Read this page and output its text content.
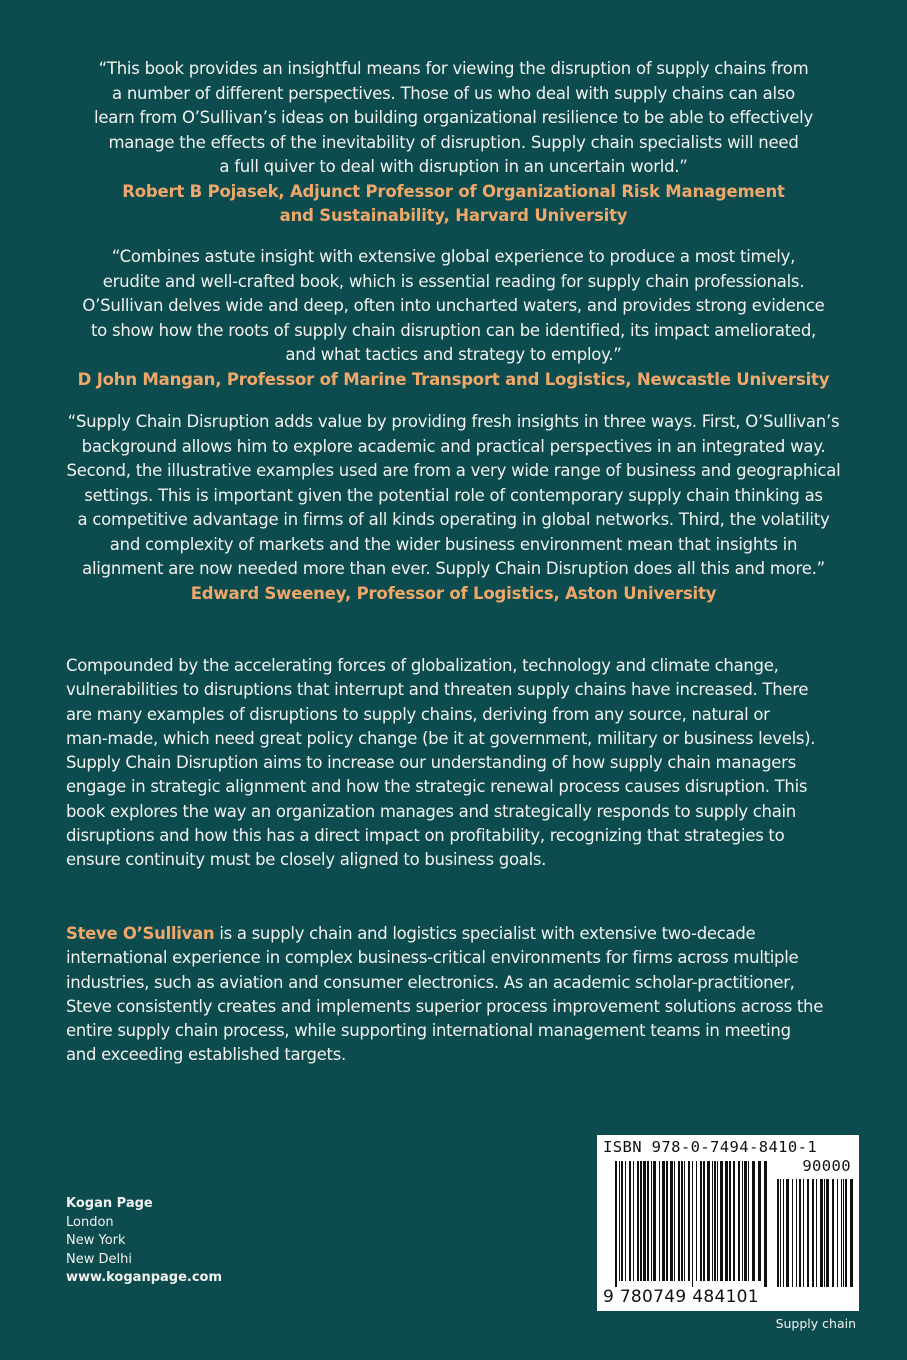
“This book provides an insightful means for viewing the disruption of supply chains from
a number of different perspectives. Those of us who deal with supply chains can also
learn from O’Sullivan’s ideas on building organizational resilience to be able to effectively
manage the effects of the inevitability of disruption. Supply chain specialists will need
a full quiver to deal with disruption in an uncertain world.”
Robert B Pojasek, Adjunct Professor of Organizational Risk Management
and Sustainability, Harvard University
“Combines astute insight with extensive global experience to produce a most timely,
erudite and well-crafted book, which is essential reading for supply chain professionals.
O’Sullivan delves wide and deep, often into uncharted waters, and provides strong evidence
to show how the roots of supply chain disruption can be identified, its impact ameliorated,
and what tactics and strategy to employ.”
D John Mangan, Professor of Marine Transport and Logistics, Newcastle University
“Supply Chain Disruption adds value by providing fresh insights in three ways. First, O’Sullivan’s
background allows him to explore academic and practical perspectives in an integrated way.
Second, the illustrative examples used are from a very wide range of business and geographical
settings. This is important given the potential role of contemporary supply chain thinking as
a competitive advantage in firms of all kinds operating in global networks. Third, the volatility
and complexity of markets and the wider business environment mean that insights in
alignment are now needed more than ever. Supply Chain Disruption does all this and more.”
Edward Sweeney, Professor of Logistics, Aston University
Compounded by the accelerating forces of globalization, technology and climate change,
vulnerabilities to disruptions that interrupt and threaten supply chains have increased. There
are many examples of disruptions to supply chains, deriving from any source, natural or
man-made, which need great policy change (be it at government, military or business levels).
Supply Chain Disruption aims to increase our understanding of how supply chain managers
engage in strategic alignment and how the strategic renewal process causes disruption. This
book explores the way an organization manages and strategically responds to supply chain
disruptions and how this has a direct impact on profitability, recognizing that strategies to
ensure continuity must be closely aligned to business goals.
Steve O’Sullivan is a supply chain and logistics specialist with extensive two-decade
international experience in complex business-critical environments for firms across multiple
industries, such as aviation and consumer electronics. As an academic scholar-practitioner,
Steve consistently creates and implements superior process improvement solutions across the
entire supply chain process, while supporting international management teams in meeting
and exceeding established targets.
Kogan Page
London
New York
New Delhi
www.koganpage.com
ISBN 978-0-7494-8410-1
90000
9 780749 484101
Supply chain
